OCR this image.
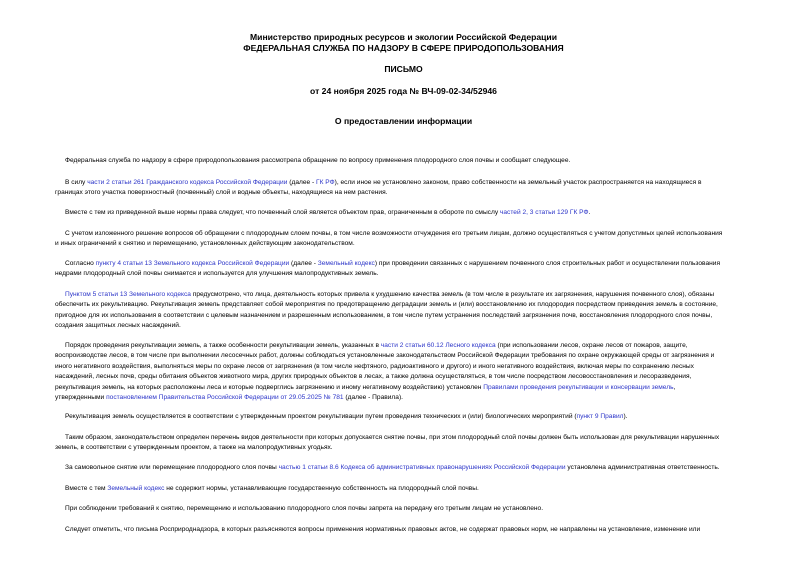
Министерство природных ресурсов и экологии Российской Федерации
ФЕДЕРАЛЬНАЯ СЛУЖБА ПО НАДЗОРУ В СФЕРЕ ПРИРОДОПОЛЬЗОВАНИЯ
ПИСЬМО
от 24 ноября 2025 года № ВЧ-09-02-34/52946
О предоставлении информации
Федеральная служба по надзору в сфере природопользования рассмотрела обращение по вопросу применения плодородного слоя почвы и сообщает следующее.
В силу части 2 статьи 261 Гражданского кодекса Российской Федерации (далее - ГК РФ), если иное не установлено законом, право собственности на земельный участок распространяется на находящиеся в
границах этого участка поверхностный (почвенный) слой и водные объекты, находящиеся на нем растения.
Вместе с тем из приведенной выше нормы права следует, что почвенный слой является объектом прав, ограниченным в обороте по смыслу частей 2, 3 статьи 129 ГК РФ.
С учетом изложенного решение вопросов об обращении с плодородным слоем почвы, в том числе возможности отчуждения его третьим лицам, должно осуществляться с учетом допустимых целей использования
и иных ограничений к снятию и перемещению, установленных действующим законодательством.
Согласно пункту 4 статьи 13 Земельного кодекса Российской Федерации (далее - Земельный кодекс) при проведении связанных с нарушением почвенного слоя строительных работ и осуществлении пользования
недрами плодородный слой почвы снимается и используется для улучшения малопродуктивных земель.
Пунктом 5 статьи 13 Земельного кодекса предусмотрено, что лица, деятельность которых привела к ухудшению качества земель (в том числе в результате их загрязнения, нарушения почвенного слоя), обязаны
обеспечить их рекультивацию. Рекультивация земель представляет собой мероприятия по предотвращению деградации земель и (или) восстановлению их плодородия посредством приведения земель в состояние,
пригодное для их использования в соответствии с целевым назначением и разрешенным использованием, в том числе путем устранения последствий загрязнения почв, восстановления плодородного слоя почвы,
создания защитных лесных насаждений.
Порядок проведения рекультивации земель, а также особенности рекультивации земель, указанных в части 2 статьи 60.12 Лесного кодекса (при использовании лесов, охране лесов от пожаров, защите,
воспроизводстве лесов, в том числе при выполнении лесосечных работ, должны соблюдаться установленные законодательством Российской Федерации требования по охране окружающей среды от загрязнения и
иного негативного воздействия, выполняться меры по охране лесов от загрязнения (в том числе нефтяного, радиоактивного и другого) и иного негативного воздействия, включая меры по сохранению лесных
насаждений, лесных почв, среды обитания объектов животного мира, других природных объектов в лесах, а также должна осуществляться, в том числе посредством лесовосстановления и лесоразведения,
рекультивация земель, на которых расположены леса и которые подверглись загрязнению и иному негативному воздействию) установлен Правилами проведения рекультивации и консервации земель,
утвержденными постановлением Правительства Российской Федерации от 29.05.2025 № 781 (далее - Правила).
Рекультивация земель осуществляется в соответствии с утвержденным проектом рекультивации путем проведения технических и (или) биологических мероприятий (пункт 9 Правил).
Таким образом, законодательством определен перечень видов деятельности при которых допускается снятие почвы, при этом плодородный слой почвы должен быть использован для рекультивации нарушенных
земель, в соответствии с утвержденным проектом, а также на малопродуктивных угодьях.
За самовольное снятие или перемещение плодородного слоя почвы частью 1 статьи 8.6 Кодекса об административных правонарушениях Российской Федерации установлена административная ответственность.
Вместе с тем Земельный кодекс не содержит нормы, устанавливающие государственную собственность на плодородный слой почвы.
При соблюдении требований к снятию, перемещению и использованию плодородного слоя почвы запрета на передачу его третьим лицам не установлено.
Следует отметить, что письма Росприроднадзора, в которых разъясняются вопросы применения нормативных правовых актов, не содержат правовых норм, не направлены на установление, изменение или
